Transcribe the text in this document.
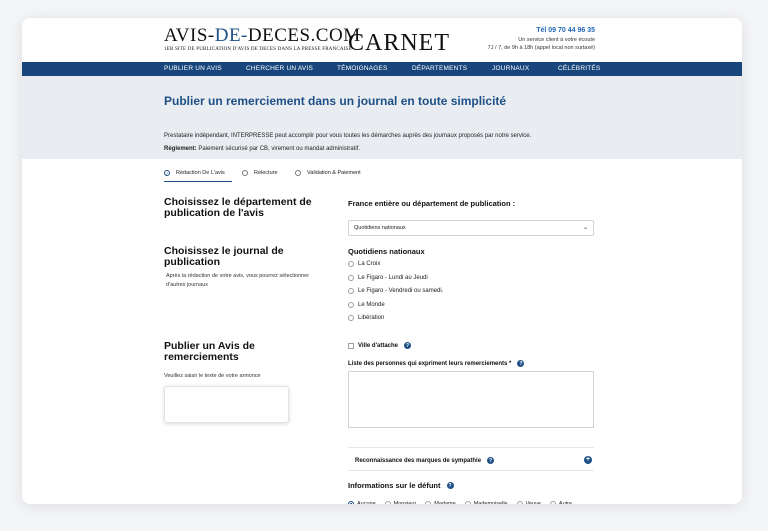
AVIS-DE-DECES.COM
1ER SITE DE PUBLICATION D'AVIS DE DECES DANS LA PRESSE FRANCAISE
CARNET	Tél 09 70 44 96 35
Un service client à votre écoute
7J / 7, de 9h à 18h (appel local non surtaxé)
PUBLIER UN AVIS	CHERCHER UN AVIS	TÉMOIGNAGES	DÉPARTEMENTS	JOURNAUX	CÉLÉBRITÉS
Publier un remerciement dans un journal en toute simplicité
Prestataire indépendant, INTERPRESSE peut accomplir pour vous toutes les démarches auprès des journaux proposés par notre service.
Règlement: Paiement sécurisé par CB, virement ou mandat administratif.
✓ Rédaction De L'avis	Relecture	Validation & Paiement
Choisissez le département de publication de l'avis
Choisissez le journal de publication
Après la rédaction de votre avis, vous pourrez sélectionner d'autres journaux
Publier un Avis de remerciements
Veuillez saisir le texte de votre annonce
France entière ou département de publication :
Quotidiens nationaux	⌄
Quotidiens nationaux
La Croix
Le Figaro - Lundi au Jeudi
Le Figaro - Vendredi ou samedi.
Le Monde
Libération
Ville d'attache	?
Liste des personnes qui expriment leurs remerciements *	?
Reconnaissance des marques de sympathie	?	+
Informations sur le défunt	?
Aucune	Monsieur	Madame	Mademoiselle	Veuve	Autre
